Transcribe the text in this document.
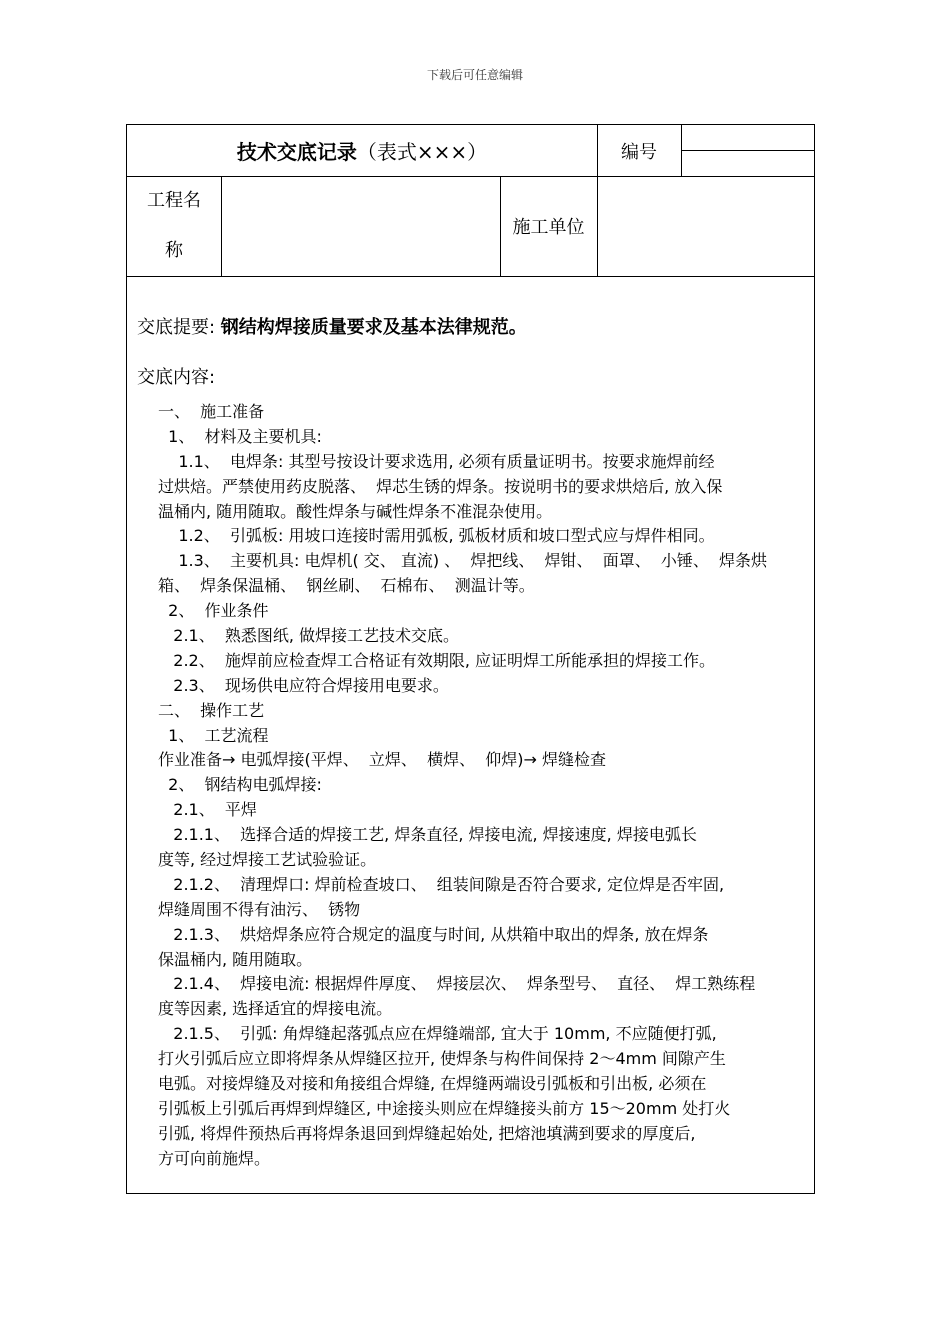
下载后可任意编辑
技术交底记录 （表式×××）	编号
工程名
称
施工单位
交底提要: 钢结构焊接质量要求及基本法律规范。
交底内容:
一、  施工准备
1、  材料及主要机具:
1.1、  电焊条: 其型号按设计要求选用, 必须有质量证明书。按要求施焊前经
过烘焙。严禁使用药皮脱落、  焊芯生锈的焊条。按说明书的要求烘焙后, 放入保
温桶内, 随用随取。酸性焊条与碱性焊条不准混杂使用。
1.2、  引弧板: 用坡口连接时需用弧板, 弧板材质和坡口型式应与焊件相同。
1.3、  主要机具: 电焊机( 交、 直流) 、  焊把线、  焊钳、  面罩、  小锤、  焊条烘
箱、  焊条保温桶、  钢丝刷、  石棉布、  测温计等。
2、  作业条件
2.1、  熟悉图纸, 做焊接工艺技术交底。
2.2、  施焊前应检查焊工合格证有效期限, 应证明焊工所能承担的焊接工作。
2.3、  现场供电应符合焊接用电要求。
二、  操作工艺
1、  工艺流程
作业准备→ 电弧焊接(平焊、  立焊、  横焊、  仰焊)→ 焊缝检查
2、  钢结构电弧焊接:
2.1、  平焊
2.1.1、  选择合适的焊接工艺, 焊条直径, 焊接电流, 焊接速度, 焊接电弧长
度等, 经过焊接工艺试验验证。
2.1.2、  清理焊口: 焊前检查坡口、  组装间隙是否符合要求, 定位焊是否牢固,
焊缝周围不得有油污、  锈物
2.1.3、  烘焙焊条应符合规定的温度与时间, 从烘箱中取出的焊条, 放在焊条
保温桶内, 随用随取。
2.1.4、  焊接电流: 根据焊件厚度、  焊接层次、  焊条型号、  直径、  焊工熟练程
度等因素, 选择适宜的焊接电流。
2.1.5、  引弧: 角焊缝起落弧点应在焊缝端部, 宜大于 10mm, 不应随便打弧,
打火引弧后应立即将焊条从焊缝区拉开, 使焊条与构件间保持 2～4mm 间隙产生
电弧。对接焊缝及对接和角接组合焊缝, 在焊缝两端设引弧板和引出板, 必须在
引弧板上引弧后再焊到焊缝区, 中途接头则应在焊缝接头前方 15～20mm 处打火
引弧, 将焊件预热后再将焊条退回到焊缝起始处, 把熔池填满到要求的厚度后,
方可向前施焊。
